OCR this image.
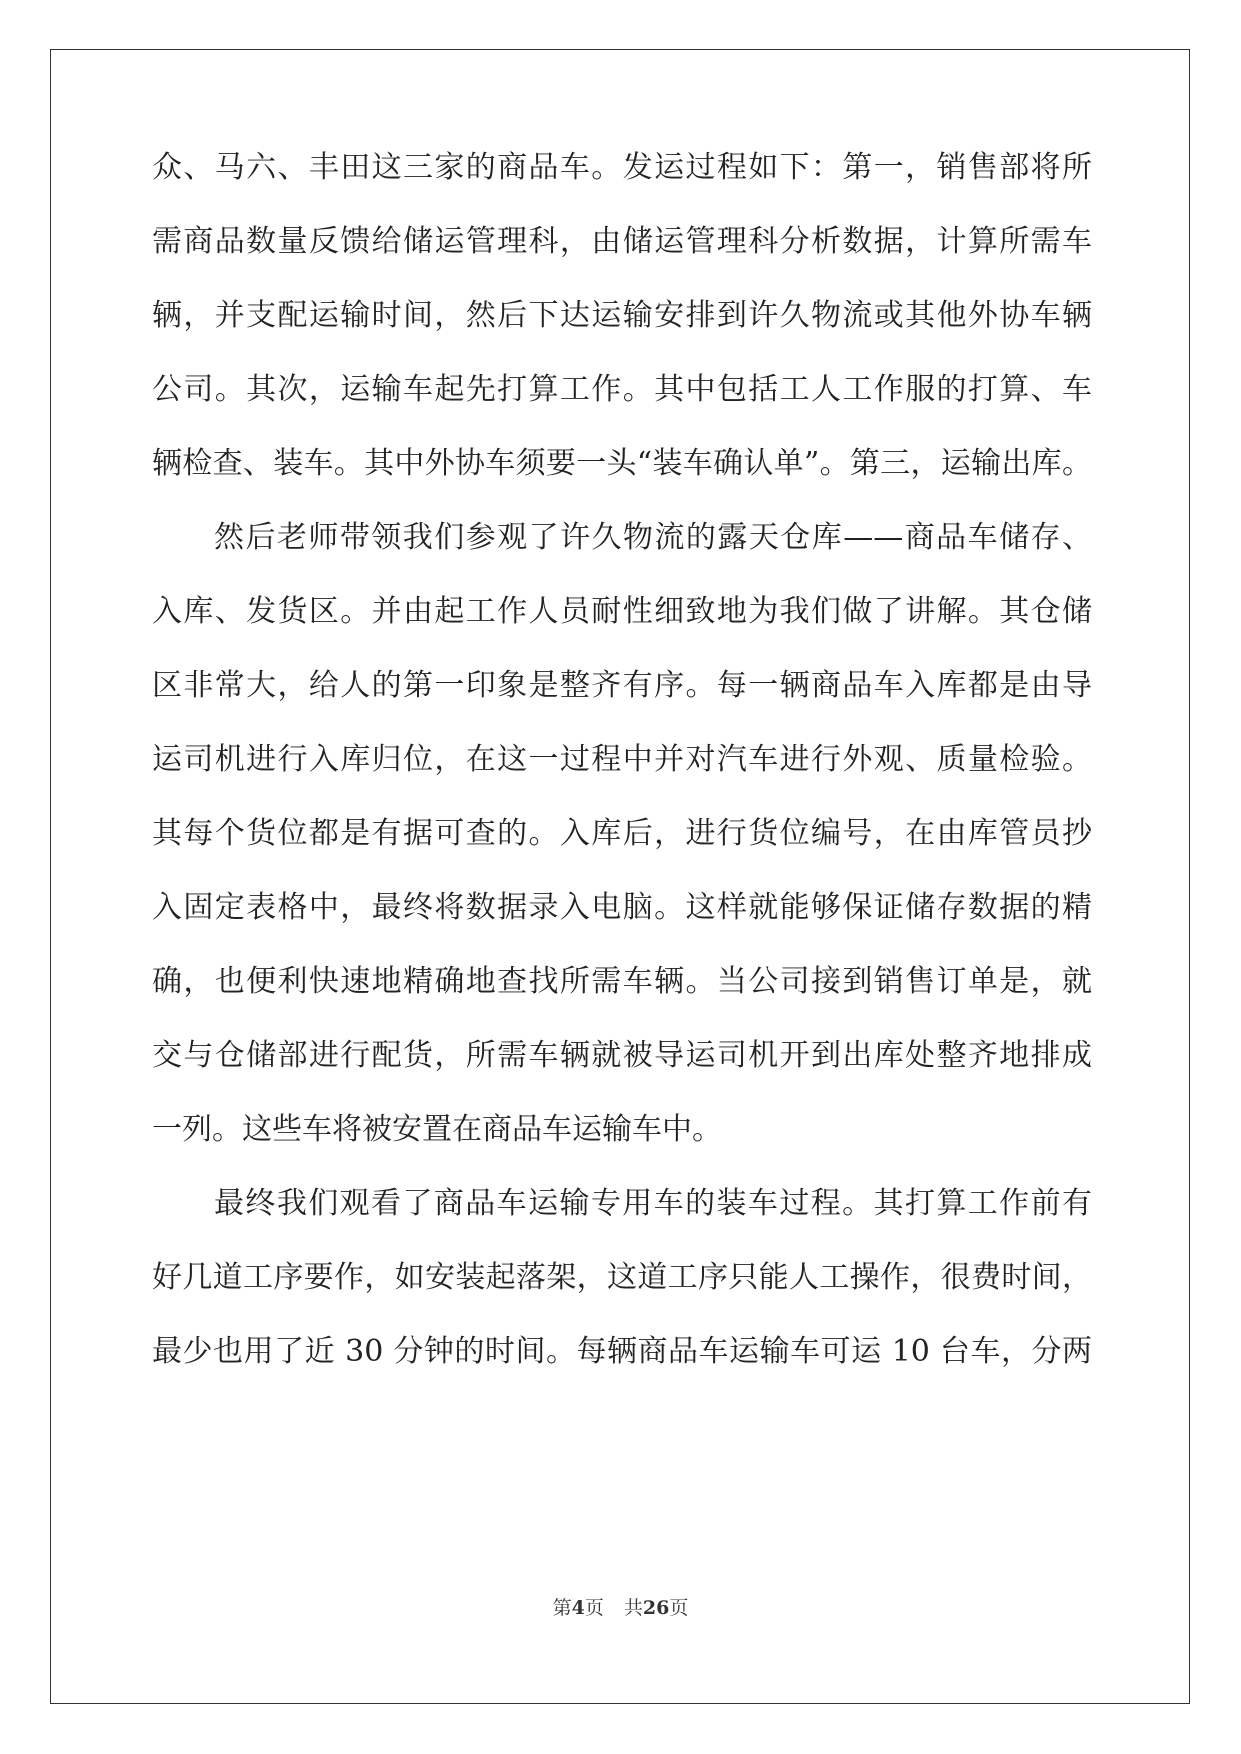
众、马六、丰田这三家的商品车。发运过程如下：第一，销售部将所
需商品数量反馈给储运管理科，由储运管理科分析数据，计算所需车
辆，并支配运输时间，然后下达运输安排到许久物流或其他外协车辆
公司。其次，运输车起先打算工作。其中包括工人工作服的打算、车
辆检查、装车。其中外协车须要一头“装车确认单”。第三，运输出库。
然后老师带领我们参观了许久物流的露天仓库——商品车储存、
入库、发货区。并由起工作人员耐性细致地为我们做了讲解。其仓储
区非常大，给人的第一印象是整齐有序。每一辆商品车入库都是由导
运司机进行入库归位，在这一过程中并对汽车进行外观、质量检验。
其每个货位都是有据可查的。入库后，进行货位编号，在由库管员抄
入固定表格中，最终将数据录入电脑。这样就能够保证储存数据的精
确，也便利快速地精确地查找所需车辆。当公司接到销售订单是，就
交与仓储部进行配货，所需车辆就被导运司机开到出库处整齐地排成
一列。这些车将被安置在商品车运输车中。
最终我们观看了商品车运输专用车的装车过程。其打算工作前有
好几道工序要作，如安装起落架，这道工序只能人工操作，很费时间，
最少也用了近 30 分钟的时间。每辆商品车运输车可运 10 台车，分两
第4页 共26页
